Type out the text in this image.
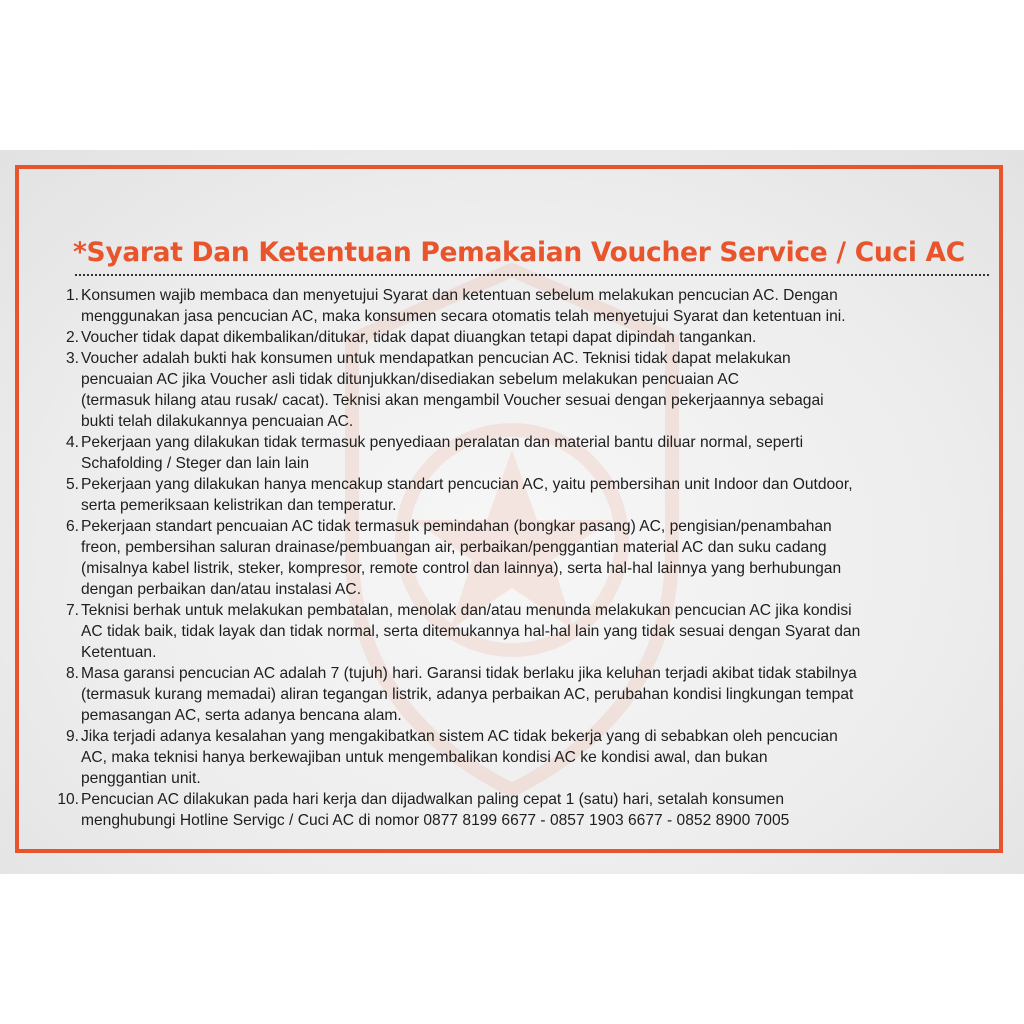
*Syarat Dan Ketentuan Pemakaian Voucher Service / Cuci AC
1. Konsumen wajib membaca dan menyetujui Syarat dan ketentuan sebelum melakukan pencucian AC. Dengan
menggunakan jasa pencucian AC, maka konsumen secara otomatis telah menyetujui Syarat dan ketentuan ini.
2. Voucher tidak dapat dikembalikan/ditukar, tidak dapat diuangkan tetapi dapat dipindah tangankan.
3. Voucher adalah bukti hak konsumen untuk mendapatkan pencucian AC. Teknisi tidak dapat melakukan
pencuaian AC jika Voucher asli tidak ditunjukkan/disediakan sebelum melakukan pencuaian AC
(termasuk hilang atau rusak/ cacat). Teknisi akan mengambil Voucher sesuai dengan pekerjaannya sebagai
bukti telah dilakukannya pencuaian AC.
4. Pekerjaan yang dilakukan tidak termasuk penyediaan peralatan dan material bantu diluar normal, seperti
Schafolding / Steger dan lain lain
5. Pekerjaan yang dilakukan hanya mencakup standart pencucian AC, yaitu pembersihan unit Indoor dan Outdoor,
serta pemeriksaan kelistrikan dan temperatur.
6. Pekerjaan standart pencuaian AC tidak termasuk pemindahan (bongkar pasang) AC, pengisian/penambahan
freon, pembersihan saluran drainase/pembuangan air, perbaikan/penggantian material AC dan suku cadang
(misalnya kabel listrik, steker, kompresor, remote control dan lainnya), serta hal-hal lainnya yang berhubungan
dengan perbaikan dan/atau instalasi AC.
7. Teknisi berhak untuk melakukan pembatalan, menolak dan/atau menunda melakukan pencucian AC jika kondisi
AC tidak baik, tidak layak dan tidak normal, serta ditemukannya hal-hal lain yang tidak sesuai dengan Syarat dan
Ketentuan.
8. Masa garansi pencucian AC adalah 7 (tujuh) hari. Garansi tidak berlaku jika keluhan terjadi akibat tidak stabilnya
(termasuk kurang memadai) aliran tegangan listrik, adanya perbaikan AC, perubahan kondisi lingkungan tempat
pemasangan AC, serta adanya bencana alam.
9. Jika terjadi adanya kesalahan yang mengakibatkan sistem AC tidak bekerja yang di sebabkan oleh pencucian
AC, maka teknisi hanya berkewajiban untuk mengembalikan kondisi AC ke kondisi awal, dan bukan
penggantian unit.
10. Pencucian AC dilakukan pada hari kerja dan dijadwalkan paling cepat 1 (satu) hari, setalah konsumen
menghubungi Hotline Servigc / Cuci AC di nomor 0877 8199 6677 - 0857 1903 6677 - 0852 8900 7005
